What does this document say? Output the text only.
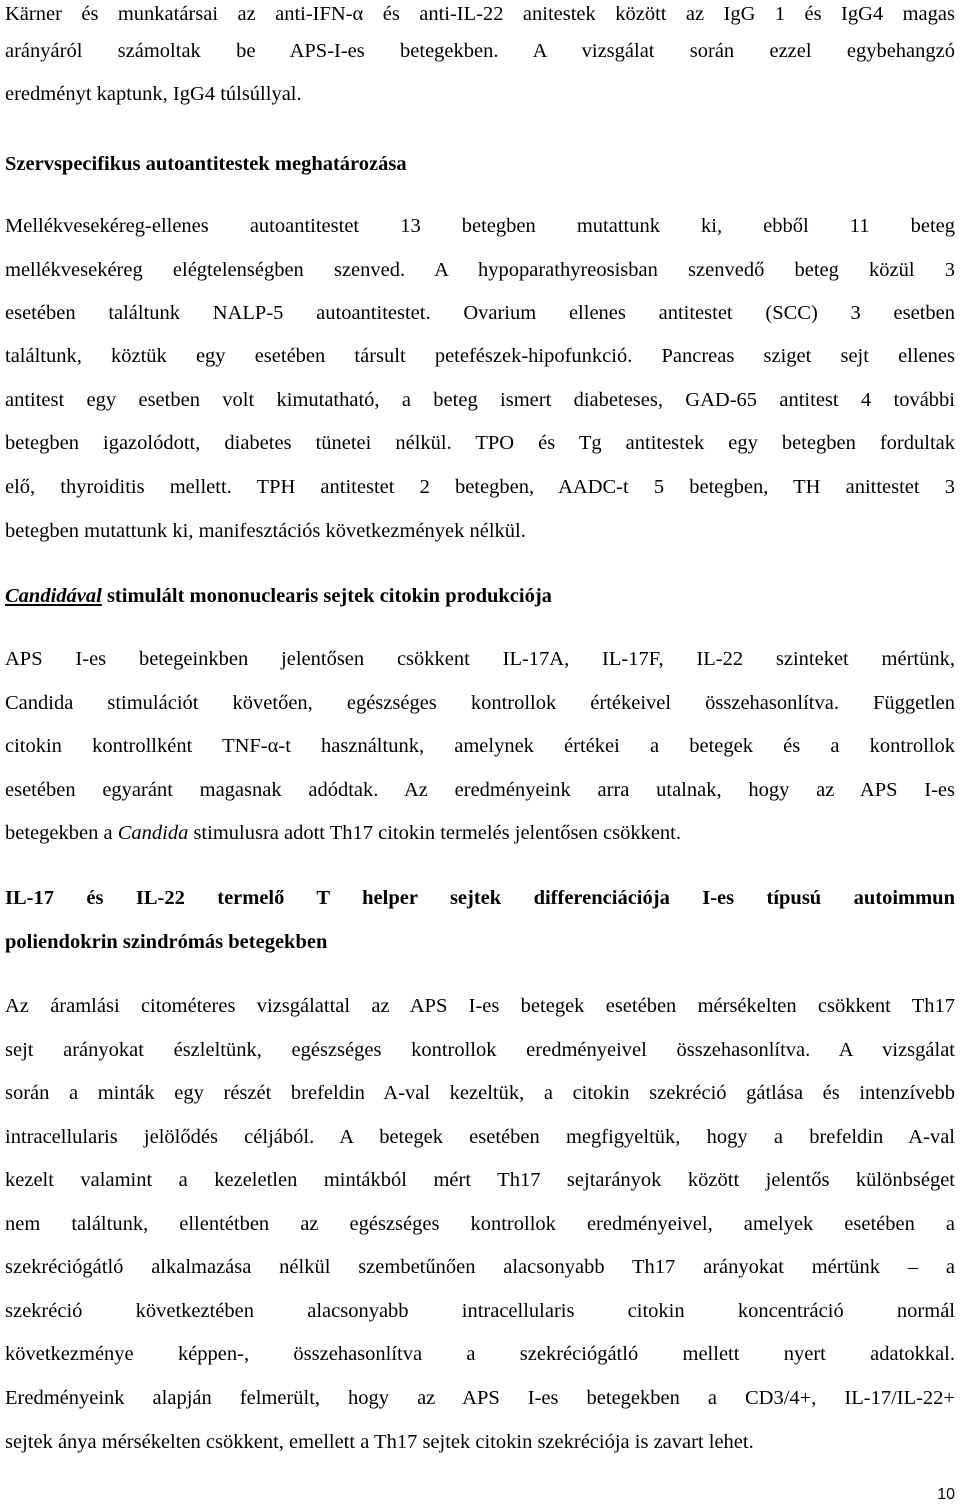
Kärner és munkatársai az anti-IFN-α és anti-IL-22 anitestek között az IgG 1 és IgG4 magas
arányáról számoltak be APS-I-es betegekben. A vizsgálat során ezzel egybehangzó
eredményt kaptunk, IgG4 túlsúllyal.
Szervspecifikus autoantitestek meghatározása
Mellékvesekéreg-ellenes autoantitestet 13 betegben mutattunk ki, ebből 11 beteg
mellékvesekéreg elégtelenségben szenved. A hypoparathyreosisban szenvedő beteg közül 3
esetében találtunk NALP-5 autoantitestet. Ovarium ellenes antitestet (SCC) 3 esetben
találtunk, köztük egy esetében társult petefészek-hipofunkció. Pancreas sziget sejt ellenes
antitest egy esetben volt kimutatható, a beteg ismert diabeteses, GAD-65 antitest 4 további
betegben igazolódott, diabetes tünetei nélkül. TPO és Tg antitestek egy betegben fordultak
elő, thyroiditis mellett. TPH antitestet 2 betegben, AADC-t 5 betegben, TH anittestet 3
betegben mutattunk ki, manifesztációs következmények nélkül.
Candidával stimulált mononuclearis sejtek citokin produkciója
APS I-es betegeinkben jelentősen csökkent IL-17A, IL-17F, IL-22 szinteket mértünk,
Candida stimulációt követően, egészséges kontrollok értékeivel összehasonlítva. Független
citokin kontrollként TNF-α-t használtunk, amelynek értékei a betegek és a kontrollok
esetében egyaránt magasnak adódtak. Az eredményeink arra utalnak, hogy az APS I-es
betegekben a Candida stimulusra adott Th17 citokin termelés jelentősen csökkent.
IL-17 és IL-22 termelő T helper sejtek differenciációja I-es típusú autoimmun
poliendokrin szindrómás betegekben
Az áramlási citométeres vizsgálattal az APS I-es betegek esetében mérsékelten csökkent Th17
sejt arányokat észleltünk, egészséges kontrollok eredményeivel összehasonlítva. A vizsgálat
során a minták egy részét brefeldin A-val kezeltük, a citokin szekréció gátlása és intenzívebb
intracellularis jelölődés céljából. A betegek esetében megfigyeltük, hogy a brefeldin A-val
kezelt valamint a kezeletlen mintákból mért Th17 sejtarányok között jelentős különbséget
nem találtunk, ellentétben az egészséges kontrollok eredményeivel, amelyek esetében a
szekréciógátló alkalmazása nélkül szembetűnően alacsonyabb Th17 arányokat mértünk – a
szekréció következtében alacsonyabb intracellularis citokin koncentráció normál
következménye képpen-, összehasonlítva a szekréciógátló mellett nyert adatokkal.
Eredményeink alapján felmerült, hogy az APS I-es betegekben a CD3/4+, IL-17/IL-22+
sejtek ánya mérsékelten csökkent, emellett a Th17 sejtek citokin szekréciója is zavart lehet.
10
